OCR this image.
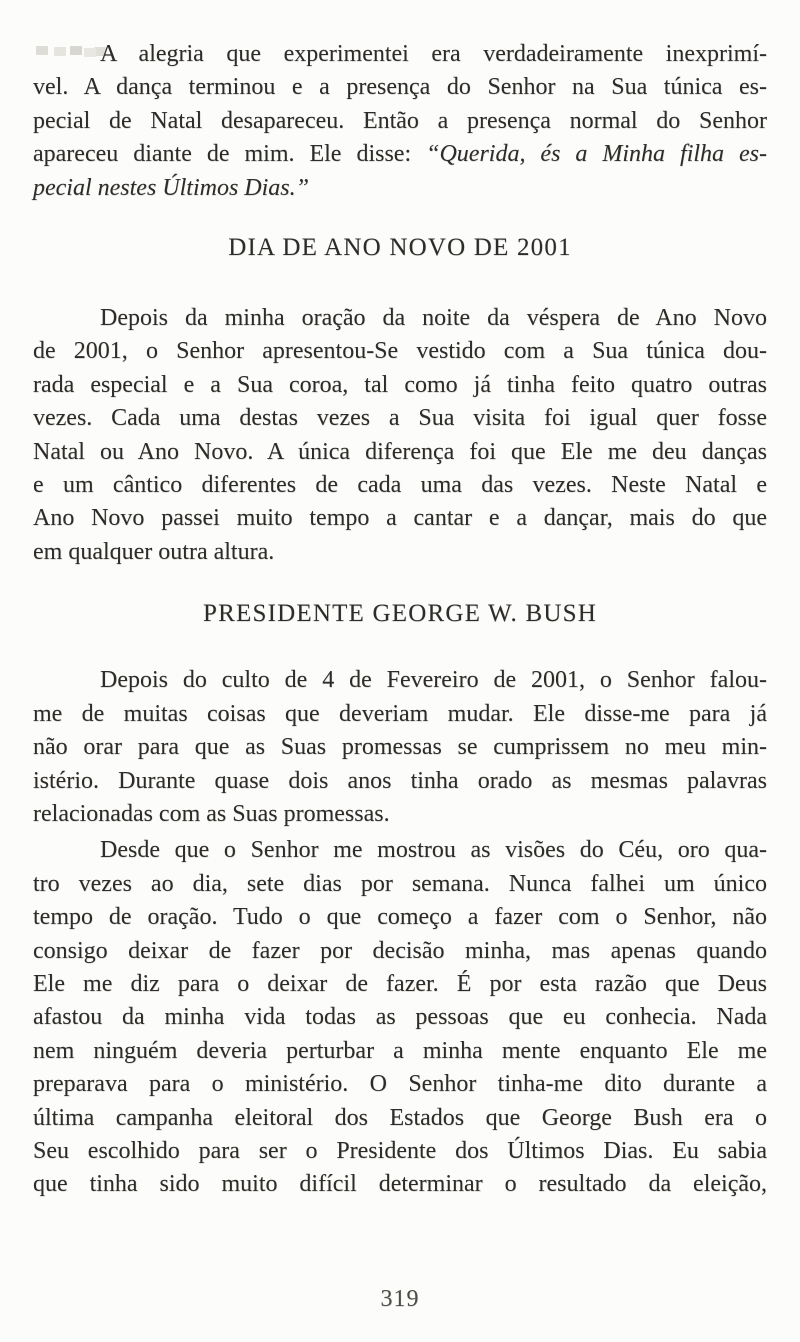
A alegria que experimentei era verdadeiramente inexprimí-
vel. A dança terminou e a presença do Senhor na Sua túnica es-
pecial de Natal desapareceu. Então a presença normal do Senhor
apareceu diante de mim. Ele disse: “Querida, és a Minha filha es-
pecial nestes Últimos Dias.”
DIA DE ANO NOVO DE 2001
Depois da minha oração da noite da véspera de Ano Novo
de 2001, o Senhor apresentou-Se vestido com a Sua túnica dou-
rada especial e a Sua coroa, tal como já tinha feito quatro outras
vezes. Cada uma destas vezes a Sua visita foi igual quer fosse
Natal ou Ano Novo. A única diferença foi que Ele me deu danças
e um cântico diferentes de cada uma das vezes. Neste Natal e
Ano Novo passei muito tempo a cantar e a dançar, mais do que
em qualquer outra altura.
PRESIDENTE GEORGE W. BUSH
Depois do culto de 4 de Fevereiro de 2001, o Senhor falou-
me de muitas coisas que deveriam mudar. Ele disse-me para já
não orar para que as Suas promessas se cumprissem no meu min-
istério. Durante quase dois anos tinha orado as mesmas palavras
relacionadas com as Suas promessas.
Desde que o Senhor me mostrou as visões do Céu, oro qua-
tro vezes ao dia, sete dias por semana. Nunca falhei um único
tempo de oração. Tudo o que começo a fazer com o Senhor, não
consigo deixar de fazer por decisão minha, mas apenas quando
Ele me diz para o deixar de fazer. É por esta razão que Deus
afastou da minha vida todas as pessoas que eu conhecia. Nada
nem ninguém deveria perturbar a minha mente enquanto Ele me
preparava para o ministério. O Senhor tinha-me dito durante a
última campanha eleitoral dos Estados que George Bush era o
Seu escolhido para ser o Presidente dos Últimos Dias. Eu sabia
que tinha sido muito difícil determinar o resultado da eleição,
319
